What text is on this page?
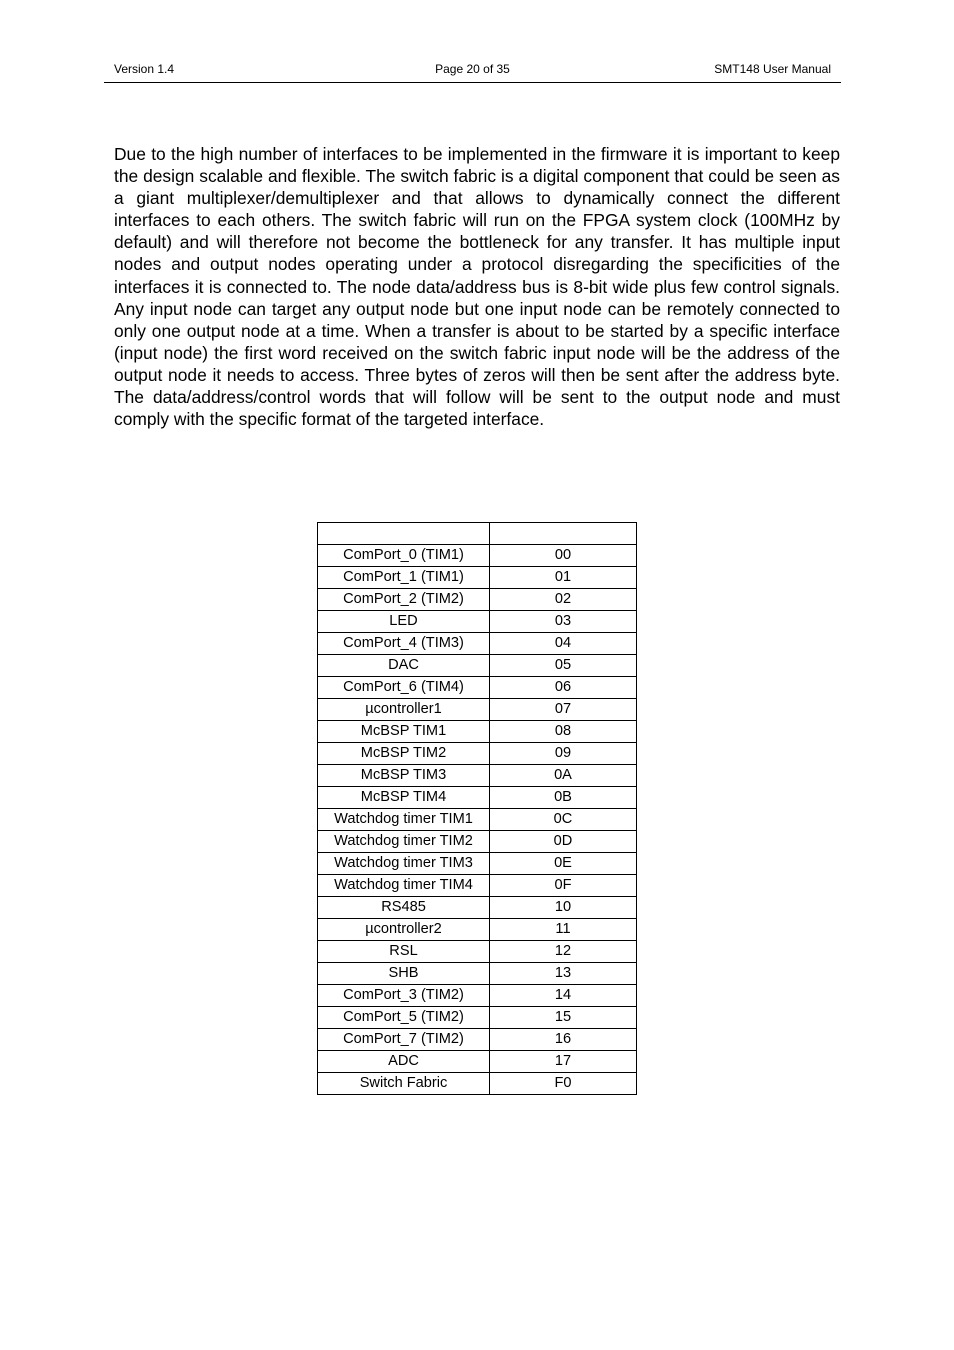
Version 1.4	Page 20 of 35	SMT148 User Manual

Due to the high number of interfaces to be implemented in the firmware it is important to keep the design scalable and flexible. The switch fabric is a digital component that could be seen as a giant multiplexer/demultiplexer and that allows to dynamically connect the different interfaces to each others. The switch fabric will run on the FPGA system clock (100MHz by default) and will therefore not become the bottleneck for any transfer. It has multiple input nodes and output nodes operating under a protocol disregarding the specificities of the interfaces it is connected to. The node data/address bus is 8-bit wide plus few control signals. Any input node can target any output node but one input node can be remotely connected to only one output node at a time. When a transfer is about to be started by a specific interface (input node) the first word received on the switch fabric input node will be the address of the output node it needs to access. Three bytes of zeros will then be sent after the address byte. The data/address/control words that will follow will be sent to the output node and must comply with the specific format of the targeted interface.

ComPort_0 (TIM1)	00
ComPort_1 (TIM1)	01
ComPort_2 (TIM2)	02
LED	03
ComPort_4 (TIM3)	04
DAC	05
ComPort_6 (TIM4)	06
µcontroller1	07
McBSP TIM1	08
McBSP TIM2	09
McBSP TIM3	0A
McBSP TIM4	0B
Watchdog timer TIM1	0C
Watchdog timer TIM2	0D
Watchdog timer TIM3	0E
Watchdog timer TIM4	0F
RS485	10
µcontroller2	11
RSL	12
SHB	13
ComPort_3 (TIM2)	14
ComPort_5 (TIM2)	15
ComPort_7 (TIM2)	16
ADC	17
Switch Fabric	F0
